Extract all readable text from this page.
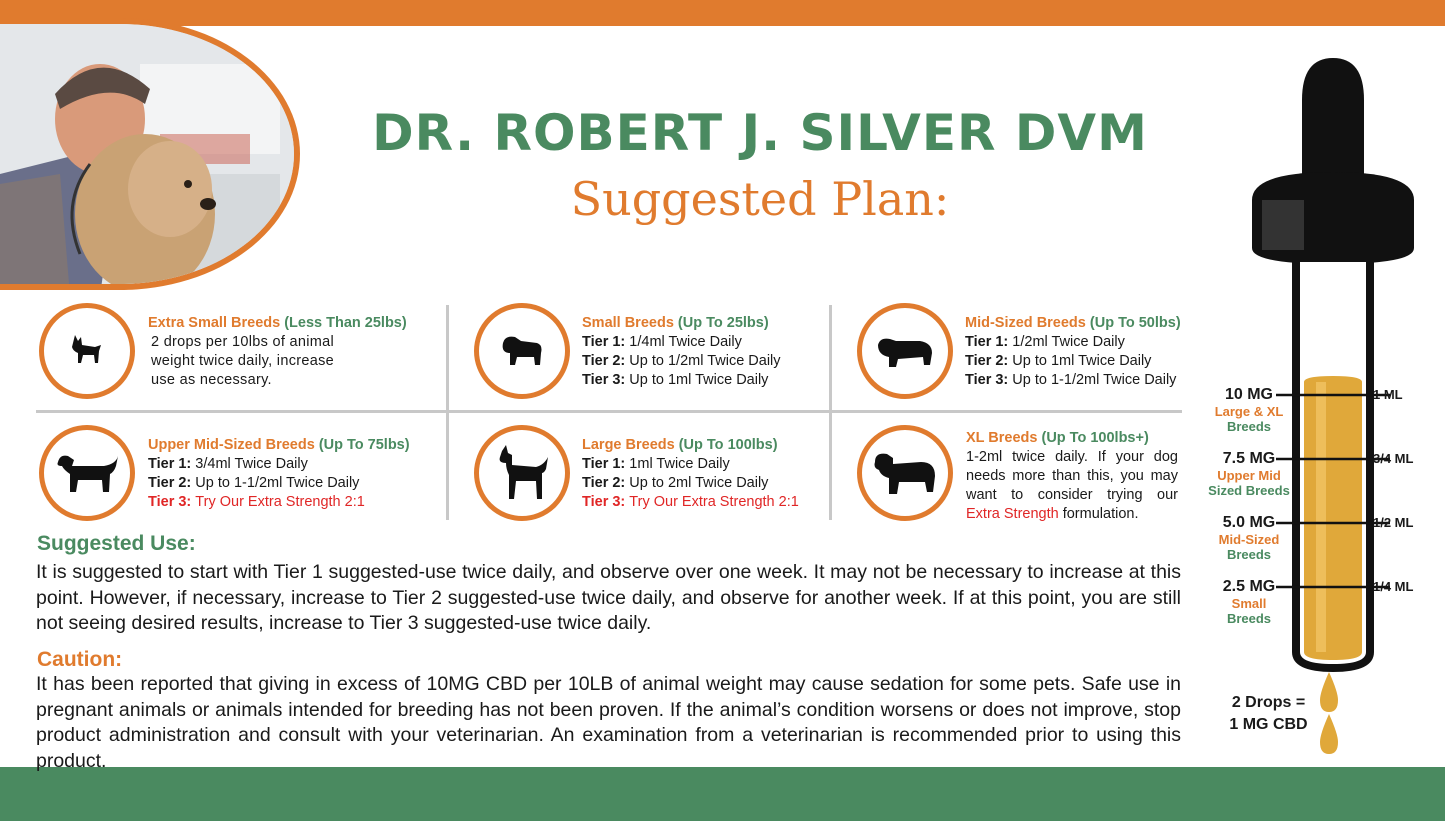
DR. ROBERT J. SILVER DVM
Suggested Plan:
Extra Small Breeds (Less Than 25lbs)
2 drops per 10lbs of animal
weight twice daily, increase
use as necessary.
Small Breeds (Up To 25lbs)
Tier 1: 1/4ml Twice Daily
Tier 2: Up to 1/2ml Twice Daily
Tier 3: Up to 1ml Twice Daily
Mid-Sized Breeds (Up To 50lbs)
Tier 1: 1/2ml Twice Daily
Tier 2: Up to 1ml Twice Daily
Tier 3: Up to 1-1/2ml Twice Daily
Upper Mid-Sized Breeds (Up To 75lbs)
Tier 1: 3/4ml Twice Daily
Tier 2: Up to 1-1/2ml Twice Daily
Tier 3: Try Our Extra Strength 2:1
Large Breeds (Up To 100lbs)
Tier 1: 1ml Twice Daily
Tier 2: Up to 2ml Twice Daily
Tier 3: Try Our Extra Strength 2:1
XL Breeds (Up To 100lbs+)
1-2ml twice daily. If your dog
needs more than this, you may
want to consider trying our
Extra Strength formulation.
Suggested Use:
It is suggested to start with Tier 1 suggested-use twice daily, and observe over one week. It may not be necessary to increase at this point. However, if necessary, increase to Tier 2 suggested-use twice daily, and observe for another week. If at this point, you are still not seeing desired results, increase to Tier 3 suggested-use twice daily.
Caution:
It has been reported that giving in excess of 10MG CBD per 10LB of animal weight may cause sedation for some pets. Safe use in pregnant animals or animals intended for breeding has not been proven. If the animal’s condition worsens or does not improve, stop product administration and consult with your veterinarian. An examination from a veterinarian is recommended prior to using this product.
10 MG
Large & XL
Breeds
7.5 MG
Upper Mid
Sized Breeds
5.0 MG
Mid-Sized
Breeds
2.5 MG
Small
Breeds
1 ML
3/4 ML
1/2 ML
1/4 ML
2 Drops =
1 MG CBD
